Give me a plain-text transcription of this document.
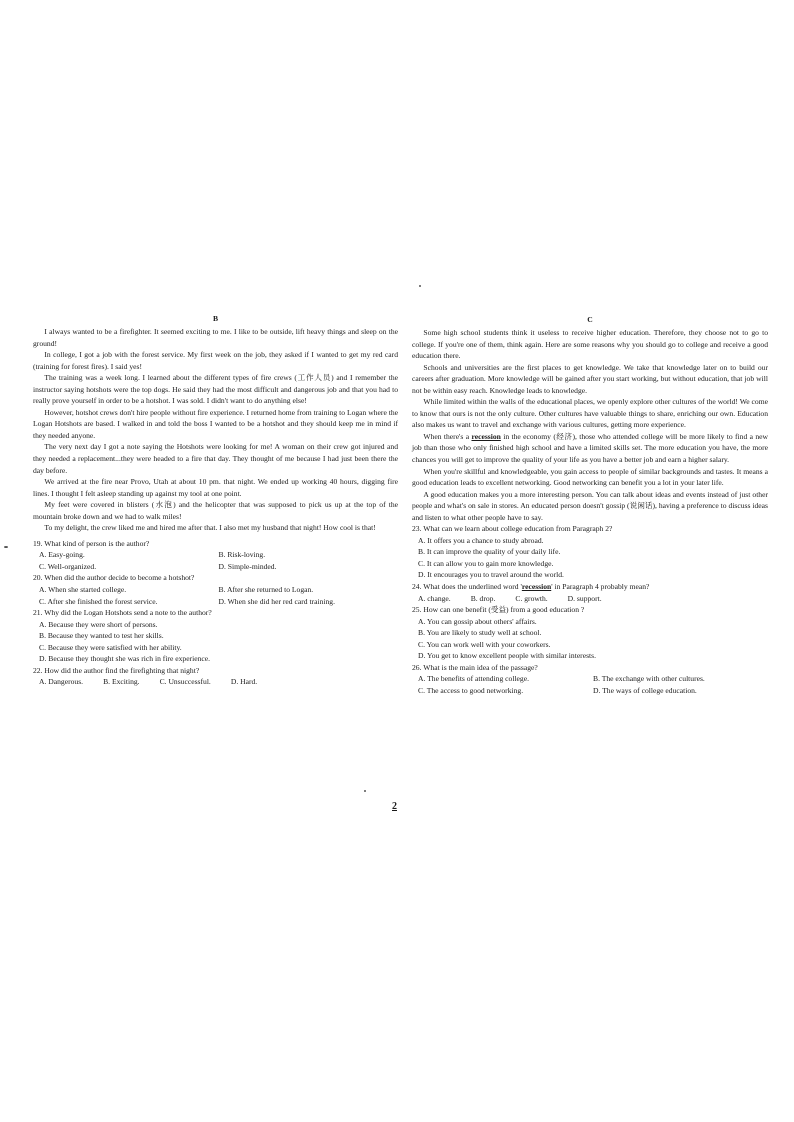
B

I always wanted to be a firefighter. It seemed exciting to me. I like to be outside, lift heavy things and sleep on the ground!

In college, I got a job with the forest service. My first week on the job, they asked if I wanted to get my red card (training for forest fires). I said yes!

The training was a week long. I learned about the different types of fire crews (工作人员) and I remember the instructor saying hotshots were the top dogs. He said they had the most difficult and dangerous job and that you had to really prove yourself in order to be a hotshot. I was sold. I didn't want to do anything else!

However, hotshot crews don't hire people without fire experience. I returned home from training to Logan where the Logan Hotshots are based. I walked in and told the boss I wanted to be a hotshot and they should keep me in mind if they needed anyone.

The very next day I got a note saying the Hotshots were looking for me! A woman on their crew got injured and they needed a replacement...they were headed to a fire that day. They thought of me because I had just been there the day before.

We arrived at the fire near Provo, Utah at about 10 pm. that night. We ended up working 40 hours, digging fire lines. I thought I felt asleep standing up against my tool at one point.

My feet were covered in blisters (水泡) and the helicopter that was supposed to pick us up at the top of the mountain broke down and we had to walk miles!

To my delight, the crew liked me and hired me after that. I also met my husband that night! How cool is that!

19. What kind of person is the author?
A. Easy-going.	B. Risk-loving.
C. Well-organized.	D. Simple-minded.
20. When did the author decide to become a hotshot?
A. When she started college.	B. After she returned to Logan.
C. After she finished the forest service.	D. When she did her red card training.
21. Why did the Logan Hotshots send a note to the author?
A. Because they were short of persons.
B. Because they wanted to test her skills.
C. Because they were satisfied with her ability.
D. Because they thought she was rich in fire experience.
22. How did the author find the firefighting that night?
A. Dangerous.	B. Exciting.	C. Unsuccessful.	D. Hard.
C

Some high school students think it useless to receive higher education. Therefore, they choose not to go to college. If you're one of them, think again. Here are some reasons why you should go to college and receive a good education there.

Schools and universities are the first places to get knowledge. We take that knowledge later on to build our careers after graduation. More knowledge will be gained after you start working, but without education, that job will not be within easy reach. Knowledge leads to knowledge.

While limited within the walls of the educational places, we openly explore other cultures of the world! We come to know that ours is not the only culture. Other cultures have valuable things to share, enriching our own. Education also makes us want to travel and exchange with various cultures, getting more experience.

When there's a recession in the economy (经济), those who attended college will be more likely to find a new job than those who only finished high school and have a limited skills set. The more education you have, the more chances you will get to improve the quality of your life as you have a better job and earn a higher salary.

When you're skillful and knowledgeable, you gain access to people of similar backgrounds and tastes. It means a good education leads to excellent networking. Good networking can benefit you a lot in your later life.

A good education makes you a more interesting person. You can talk about ideas and events instead of just other people and what's on sale in stores. An educated person doesn't gossip (说闲话), having a preference to discuss ideas and listen to what other people have to say.

23. What can we learn about college education from Paragraph 2?
A. It offers you a chance to study abroad.
B. It can improve the quality of your daily life.
C. It can allow you to gain more knowledge.
D. It encourages you to travel around the world.
24. What does the underlined word 'recession' in Paragraph 4 probably mean?
A. change.	B. drop.	C. growth.	D. support.
25. How can one benefit (受益) from a good education ?
A. You can gossip about others' affairs.
B. You are likely to study well at school.
C. You can work well with your coworkers.
D. You get to know excellent people with similar interests.
26. What is the main idea of the passage?
A. The benefits of attending college.	B. The exchange with other cultures.
C. The access to good networking.	D. The ways of college education.
2
